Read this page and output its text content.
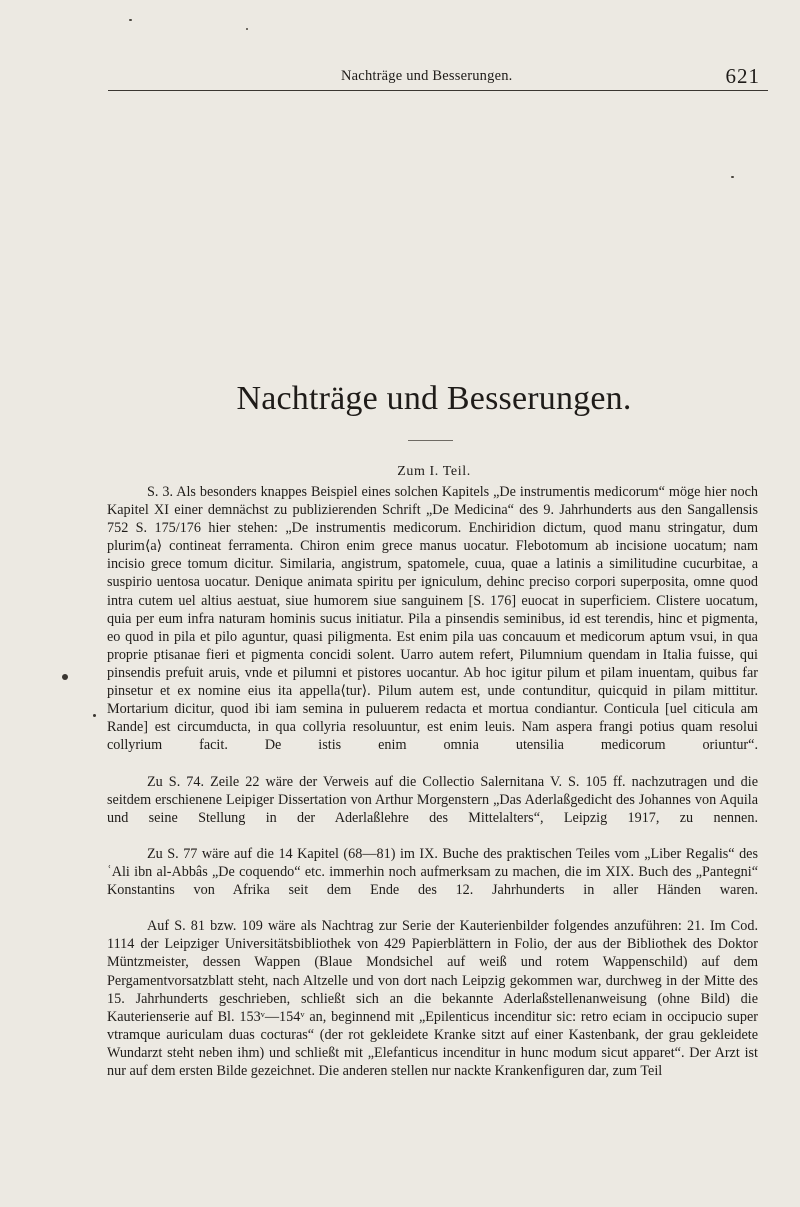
Nachträge und Besserungen.	621
Nachträge und Besserungen.
Zum I. Teil.

S. 3. Als besonders knappes Beispiel eines solchen Kapitels „De instrumentis medicorum“ möge hier noch Kapitel XI einer demnächst zu publizierenden Schrift „De Medicina“ des 9. Jahrhunderts aus den Sangallensis 752 S. 175/176 hier stehen: „De instrumentis medicorum. Enchiridion dictum, quod manu stringatur, dum plurim⟨a⟩ contineat ferramenta. Chiron enim grece manus uocatur. Flebotomum ab incisione uocatum; nam incisio grece tomum dicitur. Similaria, angistrum, spatomele, cuua, quae a latinis a similitudine cucurbitae, a suspirio uentosa uocatur. Denique animata spiritu per igniculum, dehinc preciso corpori superposita, omne quod intra cutem uel altius aestuat, siue humorem siue sanguinem [S. 176] euocat in superficiem. Clistere uocatum, quia per eum infra naturam hominis sucus initiatur. Pila a pinsendis seminibus, id est terendis, hinc et pigmenta, eo quod in pila et pilo aguntur, quasi piligmenta. Est enim pila uas concauum et medicorum aptum vsui, in qua proprie ptisanae fieri et pigmenta concidi solent. Uarro autem refert, Pilumnium quendam in Italia fuisse, qui pinsendis prefuit aruis, vnde et pilumni et pistores uocantur. Ab hoc igitur pilum et pilam inuentam, quibus far pinsetur et ex nomine eius ita appella⟨tur⟩. Pilum autem est, unde contunditur, quicquid in pilam mittitur. Mortarium dicitur, quod ibi iam semina in puluerem redacta et mortua condiantur. Conticula [uel citicula am Rande] est circumducta, in qua collyria resoluuntur, est enim leuis. Nam aspera frangi potius quam resolui collyrium facit. De istis enim omnia utensilia medicorum oriuntur“.

Zu S. 74. Zeile 22 wäre der Verweis auf die Collectio Salernitana V. S. 105 ff. nachzutragen und die seitdem erschienene Leipiger Dissertation von Arthur Morgenstern „Das Aderlaßgedicht des Johannes von Aquila und seine Stellung in der Aderlaßlehre des Mittelalters“, Leipzig 1917, zu nennen.

Zu S. 77 wäre auf die 14 Kapitel (68—81) im IX. Buche des praktischen Teiles vom „Liber Regalis“ des ʿAli ibn al-Abbâs „De coquendo“ etc. immerhin noch aufmerksam zu machen, die im XIX. Buch des „Pantegni“ Konstantins von Afrika seit dem Ende des 12. Jahrhunderts in aller Händen waren.

Auf S. 81 bzw. 109 wäre als Nachtrag zur Serie der Kauterienbilder folgendes anzuführen: 21. Im Cod. 1114 der Leipziger Universitätsbibliothek von 429 Papierblättern in Folio, der aus der Bibliothek des Doktor Müntzmeister, dessen Wappen (Blaue Mondsichel auf weiß und rotem Wappenschild) auf dem Pergamentvorsatzblatt steht, nach Altzelle und von dort nach Leipzig gekommen war, durchweg in der Mitte des 15. Jahrhunderts geschrieben, schließt sich an die bekannte Aderlaßstellenanweisung (ohne Bild) die Kauterienserie auf Bl. 153ᵛ—154ᵛ an, beginnend mit „Epilenticus incenditur sic: retro eciam in occipucio super vtramque auriculam duas cocturas“ (der rot gekleidete Kranke sitzt auf einer Kastenbank, der grau gekleidete Wundarzt steht neben ihm) und schließt mit „Elefanticus incenditur in hunc modum sicut apparet“. Der Arzt ist nur auf dem ersten Bilde gezeichnet. Die anderen stellen nur nackte Krankenfiguren dar, zum Teil
